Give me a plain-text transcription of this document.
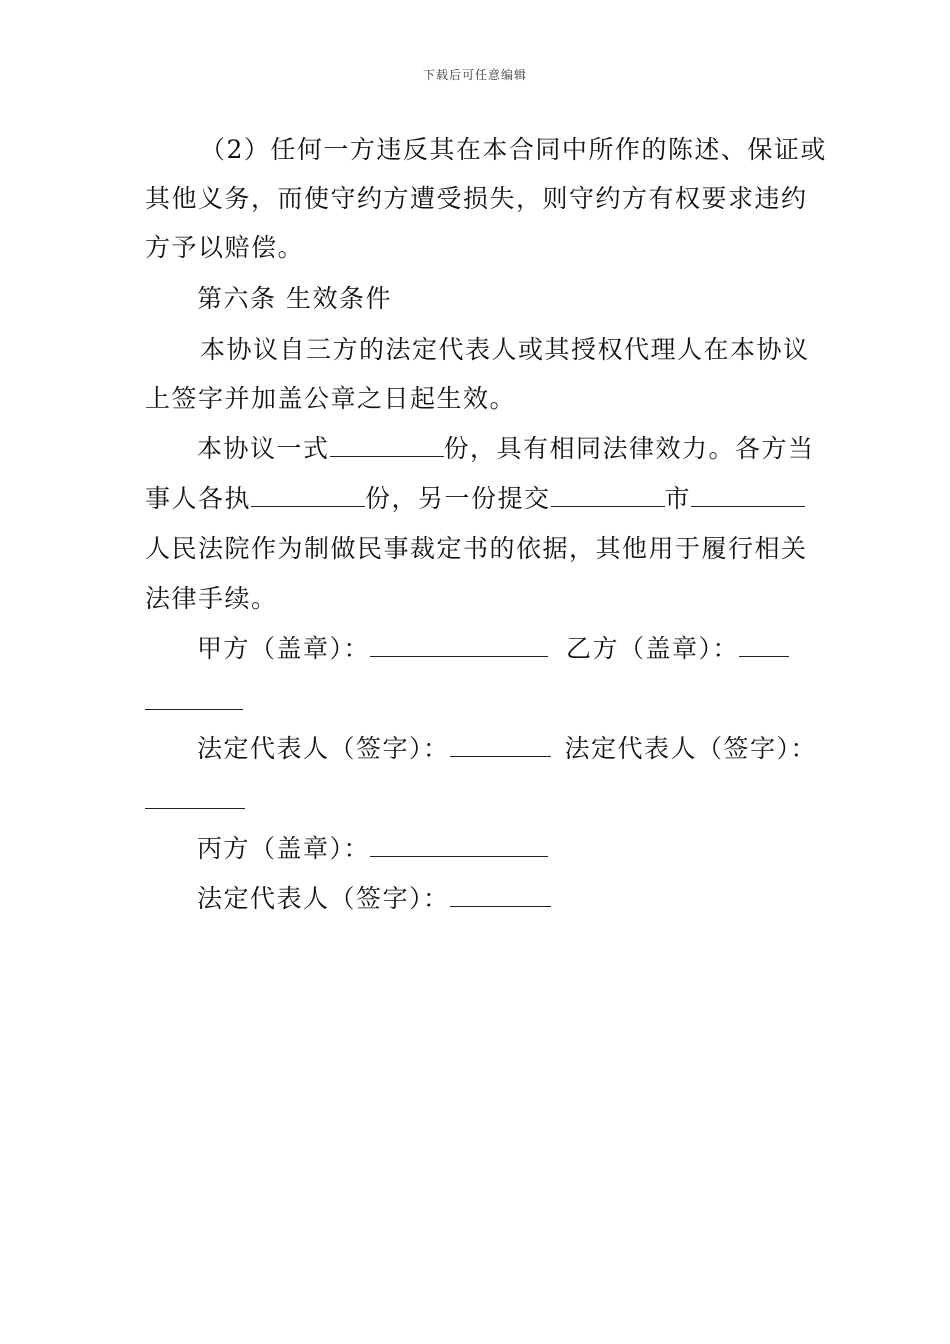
下载后可任意编辑
（2）任何一方违反其在本合同中所作的陈述、保证或
其他义务，而使守约方遭受损失，则守约方有权要求违约
方予以赔偿。
第六条 生效条件
本协议自三方的法定代表人或其授权代理人在本协议
上签字并加盖公章之日起生效。
本协议一式	份，具有相同法律效力。各方当
事人各执	份，另一份提交	市
人民法院作为制做民事裁定书的依据，其他用于履行相关
法律手续。
甲方（盖章）：	乙方（盖章）：
法定代表人（签字）：	法定代表人（签字）：
丙方（盖章）：
法定代表人（签字）：
